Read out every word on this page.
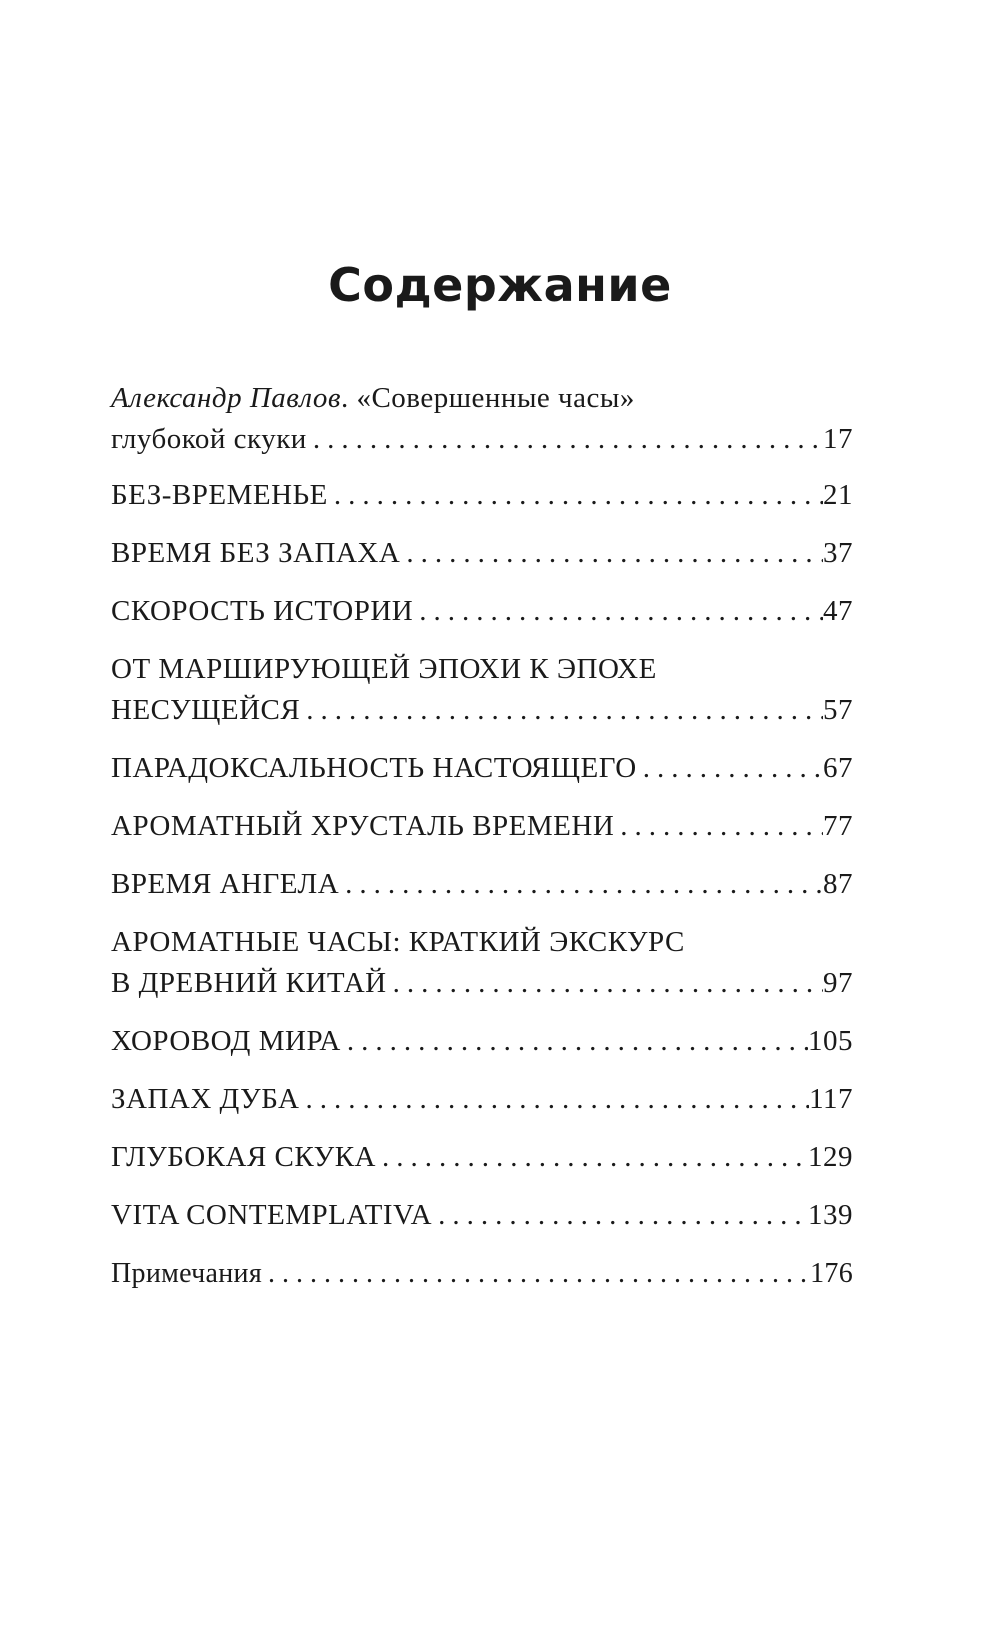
Содержание
Александр Павлов. «Совершенные часы»
глубокой скуки .....	17
БЕЗ-ВРЕМЕНЬЕ .....	21
ВРЕМЯ БЕЗ ЗАПАХА .....	37
СКОРОСТЬ ИСТОРИИ .....	47
ОТ МАРШИРУЮЩЕЙ ЭПОХИ К ЭПОХЕ
НЕСУЩЕЙСЯ .....	57
ПАРАДОКСАЛЬНОСТЬ НАСТОЯЩЕГО .....	67
АРОМАТНЫЙ ХРУСТАЛЬ ВРЕМЕНИ .....	77
ВРЕМЯ АНГЕЛА .....	87
АРОМАТНЫЕ ЧАСЫ: КРАТКИЙ ЭКСКУРС
В ДРЕВНИЙ КИТАЙ .....	97
ХОРОВОД МИРА .....	105
ЗАПАХ ДУБА .....	117
ГЛУБОКАЯ СКУКА .....	129
VITA CONTEMPLATIVA .....	139
Примечания .....	176
